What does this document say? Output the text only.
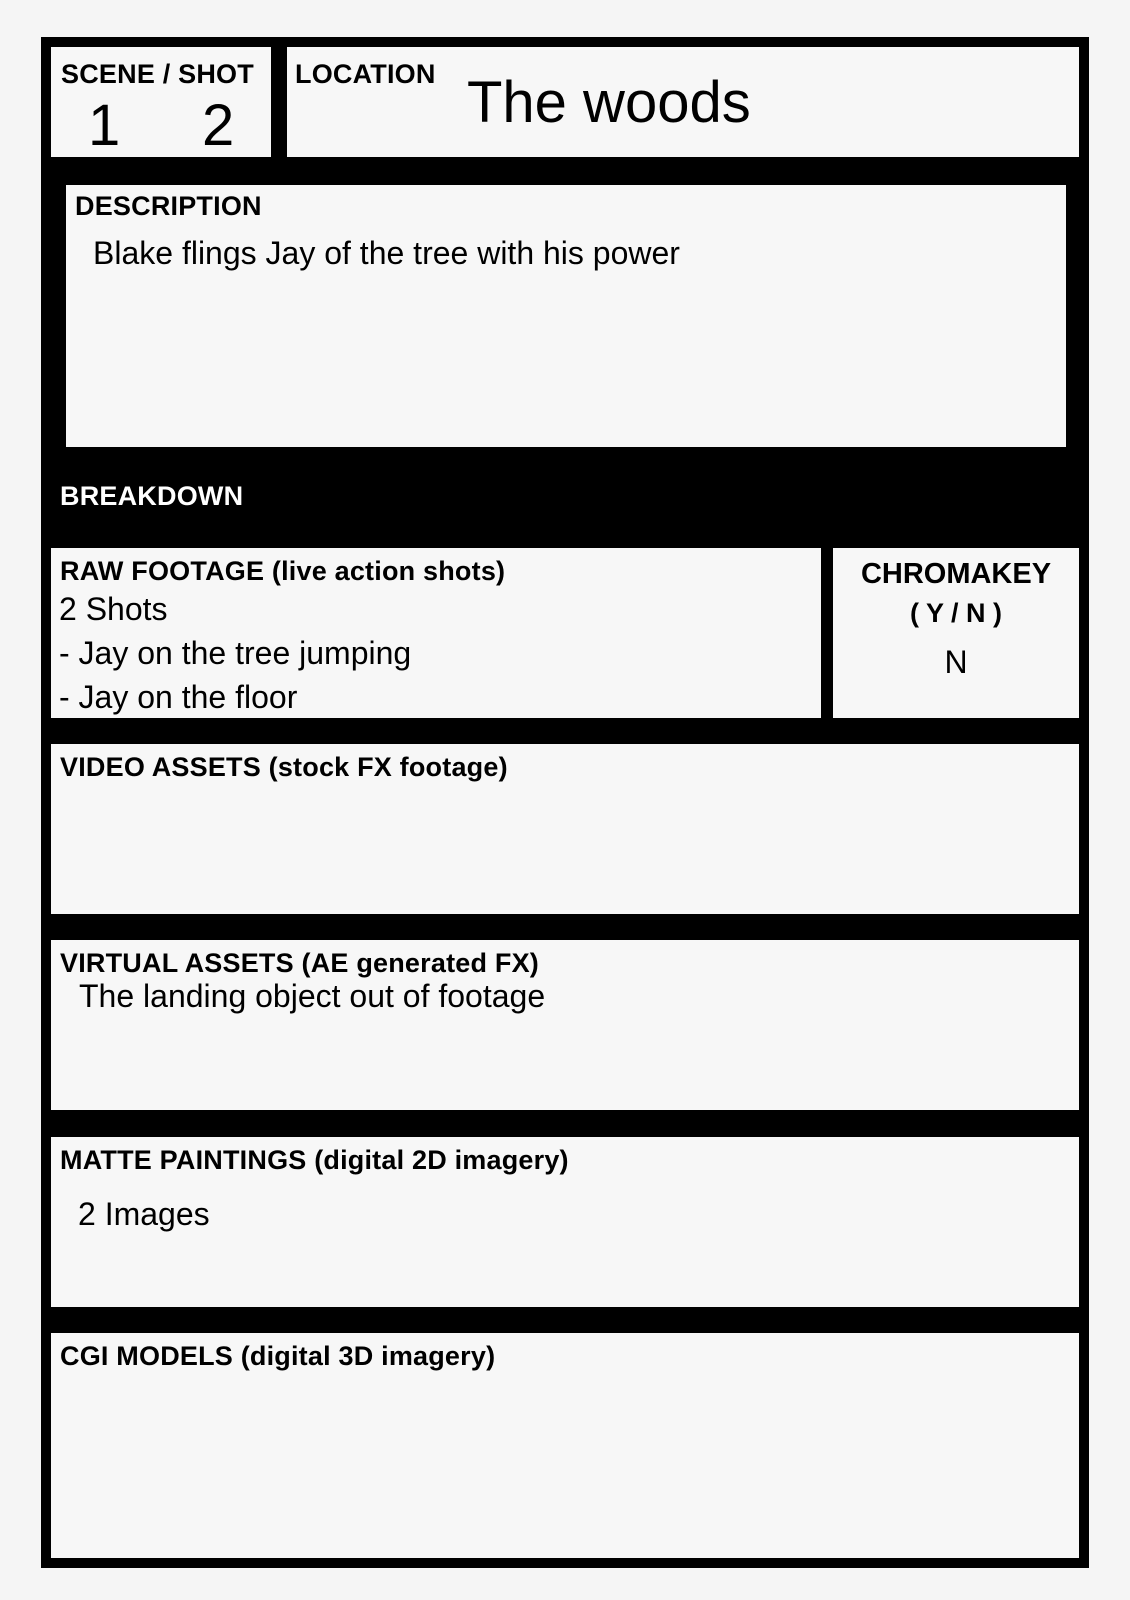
SCENE / SHOT
1 2
LOCATION The woods
DESCRIPTION
Blake flings Jay of the tree with his power
BREAKDOWN
RAW FOOTAGE (live action shots)
2 Shots
- Jay on the tree jumping
- Jay on the floor
CHROMAKEY
( Y / N )
N
VIDEO ASSETS (stock FX footage)
VIRTUAL ASSETS (AE generated FX)
The landing object out of footage
MATTE PAINTINGS (digital 2D imagery)
2 Images
CGI MODELS (digital 3D imagery)
